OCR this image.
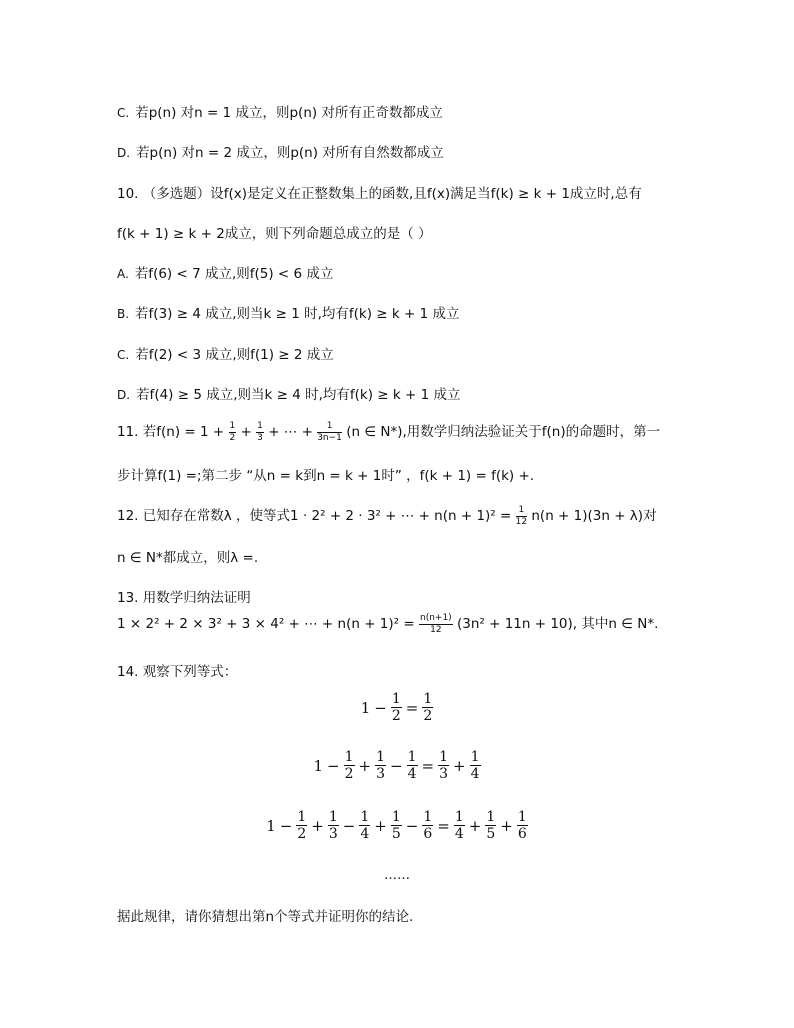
C. 若p(n) 对n = 1 成立，则p(n) 对所有正奇数都成立
D. 若p(n) 对n = 2 成立，则p(n) 对所有自然数都成立
10. （多选题）设f(x)是定义在正整数集上的函数,且f(x)满足当f(k) ≥ k + 1成立时,总有
f(k + 1) ≥ k + 2成立，则下列命题总成立的是（ ）
A. 若f(6) < 7 成立,则f(5) < 6 成立
B. 若f(3) ≥ 4 成立,则当k ≥ 1 时,均有f(k) ≥ k + 1 成立
C. 若f(2) < 3 成立,则f(1) ≥ 2 成立
D. 若f(4) ≥ 5 成立,则当k ≥ 4 时,均有f(k) ≥ k + 1 成立
11. 若$f(n) = 1 + \frac{1}{2} + \frac{1}{3}$ + ⋯ + $\frac{1}{3n-1} (n$ ∈ N*),用数学归纳法验证关于f(n)的命题时，第一
步计算f(1) =;第二步 “从n = k到n = k + 1时” ，f(k + 1) = f(k) +.
12. 已知存在常数λ ，使等式1 · 2² + 2 · 3² + ⋯ + $n(n + 1)^2 = \frac{1}{12} n(n + 1)(3n + \lambda)$对
n ∈ N*都成立，则λ =.
13. 用数学归纳法证明
1 × 2² + 2 × 3² + 3 × 4² + ⋯ + $n(n + 1)^2 = \frac{n(n+1)}{12} (3n^2 + 11n + 10)$, 其中n ∈ N*.
14. 观察下列等式：
$1 - \frac{1}{2} = \frac{1}{2}$
$1 - \frac{1}{2} + \frac{1}{3} - \frac{1}{4} = \frac{1}{3} + \frac{1}{4}$
$1 - \frac{1}{2} + \frac{1}{3} - \frac{1}{4} + \frac{1}{5} - \frac{1}{6} = \frac{1}{4} + \frac{1}{5} + \frac{1}{6}$
……
据此规律，请你猜想出第n个等式并证明你的结论.
